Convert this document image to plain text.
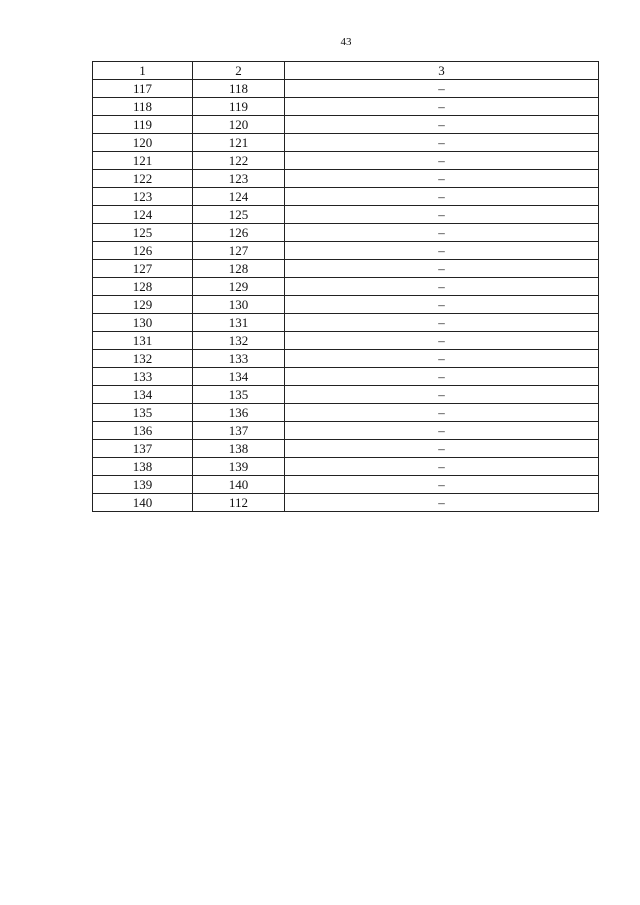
43
1	2	3
117	118	–
118	119	–
119	120	–
120	121	–
121	122	–
122	123	–
123	124	–
124	125	–
125	126	–
126	127	–
127	128	–
128	129	–
129	130	–
130	131	–
131	132	–
132	133	–
133	134	–
134	135	–
135	136	–
136	137	–
137	138	–
138	139	–
139	140	–
140	112	–
